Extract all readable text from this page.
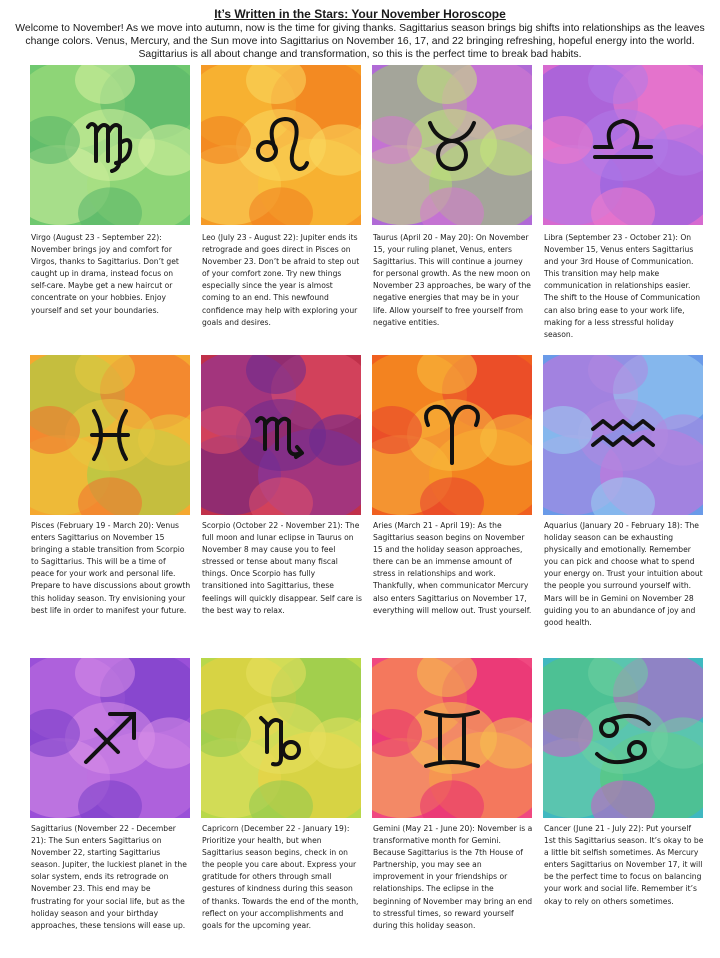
It’s Written in the Stars: Your November Horoscope
Welcome to November! As we move into autumn, now is the time for giving thanks. Sagittarius season brings big shifts into relationships as the leaves change colors. Venus, Mercury, and the Sun move into Sagittarius on November 16, 17, and 22 bringing refreshing, hopeful energy into the world. Sagittarius is all about change and transformation, so this is the perfect time to break bad habits.
Virgo (August 23 - September 22): November brings joy and comfort for Virgos, thanks to Sagittarius. Don’t get caught up in drama, instead focus on self-care. Maybe get a new haircut or concentrate on your hobbies. Enjoy yourself and set your boundaries.
Leo (July 23 - August 22): Jupiter ends its retrograde and goes direct in Pisces on November 23. Don’t be afraid to step out of your comfort zone. Try new things especially since the year is almost coming to an end. This newfound confidence may help with exploring your goals and desires.
Taurus (April 20 - May 20): On November 15, your ruling planet, Venus, enters Sagittarius. This will continue a journey for personal growth. As the new moon on November 23 approaches, be wary of the negative energies that may be in your life. Allow yourself to free yourself from negative entities.
Libra (September 23 - October 21): On November 15, Venus enters Sagittarius and your 3rd House of Communication. This transition may help make communication in relationships easier. The shift to the House of Communication can also bring ease to your work life, making for a less stressful holiday season.
Pisces (February 19 - March 20): Venus enters Sagittarius on November 15 bringing a stable transition from Scorpio to Sagittarius. This will be a time of peace for your work and personal life. Prepare to have discussions about growth this holiday season. Try envisioning your best life in order to manifest your future.
Scorpio (October 22 - November 21): The full moon and lunar eclipse in Taurus on November 8 may cause you to feel stressed or tense about many fiscal things. Once Scorpio has fully transitioned into Sagittarius, these feelings will quickly disappear. Self care is the best way to relax.
Aries (March 21 - April 19): As the Sagittarius season begins on November 15 and the holiday season approaches, there can be an immense amount of stress in relationships and work. Thankfully, when communicator Mercury also enters Sagittarius on November 17, everything will mellow out. Trust yourself.
Aquarius (January 20 - February 18): The holiday season can be exhausting physically and emotionally. Remember you can pick and choose what to spend your energy on. Trust your intuition about the people you surround yourself with. Mars will be in Gemini on November 28 guiding you to an abundance of joy and good health.
Sagittarius (November 22 - December 21): The Sun enters Sagittarius on November 22, starting Sagittarius season. Jupiter, the luckiest planet in the solar system, ends its retrograde on November 23. This end may be frustrating for your social life, but as the holiday season and your birthday approaches, these tensions will ease up.
Capricorn (December 22 - January 19): Prioritize your health, but when Sagittarius season begins, check in on the people you care about. Express your gratitude for others through small gestures of kindness during this season of thanks. Towards the end of the month, reflect on your accomplishments and goals for the upcoming year.
Gemini (May 21 - June 20): November is a transformative month for Gemini. Because Sagittarius is the 7th House of Partnership, you may see an improvement in your friendships or relationships. The eclipse in the beginning of November may bring an end to stressful times, so reward yourself during this holiday season.
Cancer (June 21 - July 22): Put yourself 1st this Sagittarius season. It’s okay to be a little bit selfish sometimes. As Mercury enters Sagittarius on November 17, it will be the perfect time to focus on balancing your work and social life. Remember it’s okay to rely on others sometimes.
